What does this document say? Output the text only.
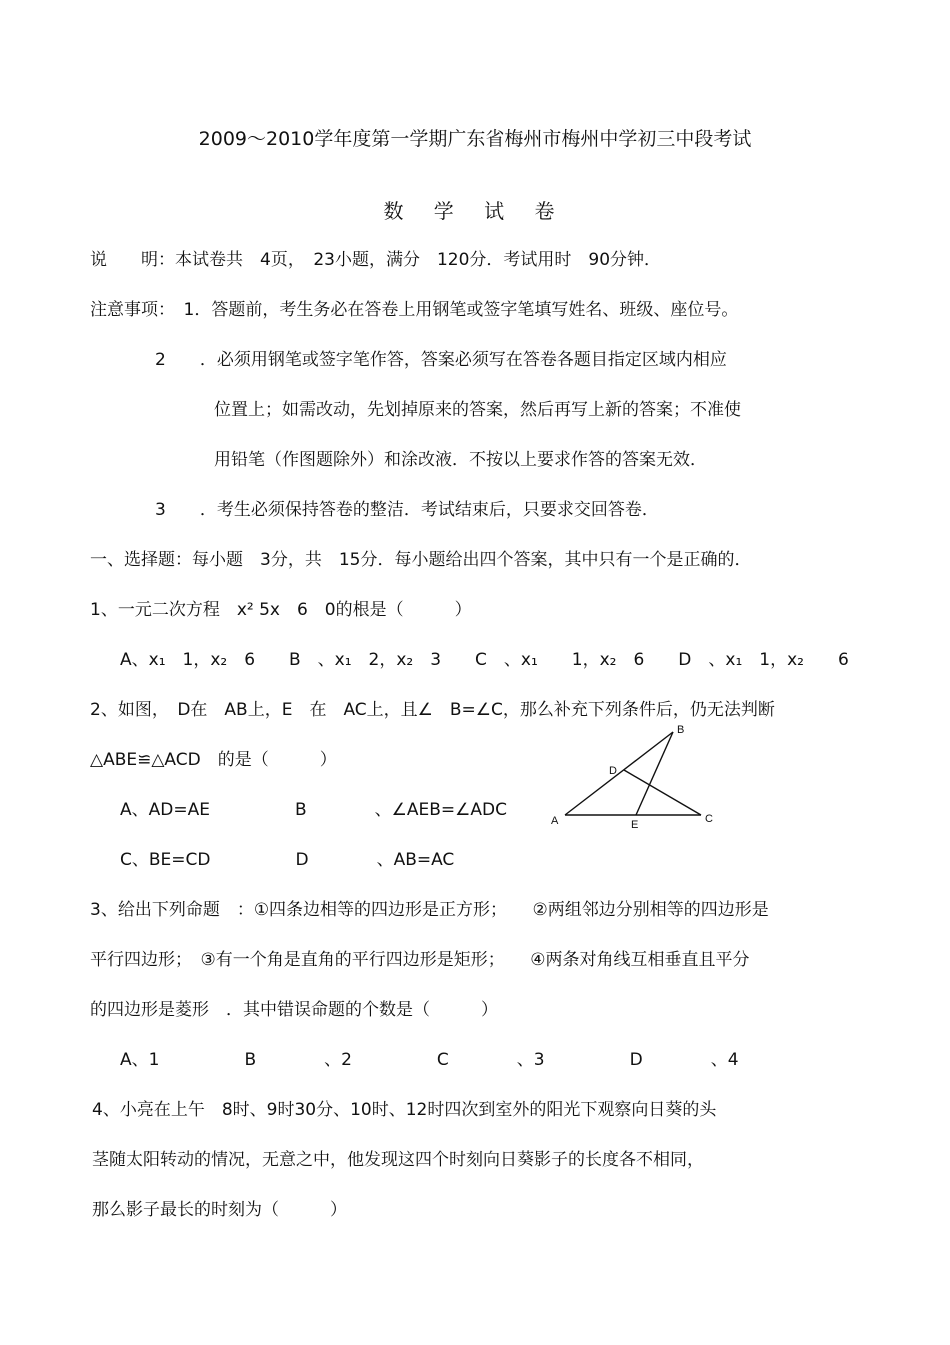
2009～2010学年度第一学期广东省梅州市梅州中学初三中段考试
数 学 试 卷
说　　明：本试卷共　4页，　23小题，满分　120分．考试用时　90分钟．
注意事项：　1．答题前，考生务必在答卷上用钢笔或签字笔填写姓名、班级、座位号。
2　　．必须用钢笔或签字笔作答，答案必须写在答卷各题目指定区域内相应
位置上；如需改动，先划掉原来的答案，然后再写上新的答案；不准使
用铅笔（作图题除外）和涂改液．不按以上要求作答的答案无效．
3　　．考生必须保持答卷的整洁．考试结束后，只要求交回答卷．
一、选择题：每小题　3分，共　15分．每小题给出四个答案，其中只有一个是正确的．
1、一元二次方程　x² 5x　6　0的根是（　　　）
A、x₁　1，x₂　6　　B　、x₁　2，x₂　3　　C　、x₁　　1，x₂　6　　D　、x₁　1，x₂　　6
2、如图，　D在　AB上，E　在　AC上，且∠　B=∠C，那么补充下列条件后，仍无法判断
△ABE≌△ACD　的是（　　　）
A、AD=AE　　　　　B　　　　、∠AEB=∠ADC
C、BE=CD　　　　　D　　　　、AB=AC
A
B
C
D
E
3、给出下列命题　：①四条边相等的四边形是正方形；　　②两组邻边分别相等的四边形是
平行四边形；　③有一个角是直角的平行四边形是矩形；　　④两条对角线互相垂直且平分
的四边形是菱形　．其中错误命题的个数是（　　　）
A、1　　　　　B　　　　、2　　　　　C　　　　、3　　　　　D　　　　、4
4、小亮在上午　8时、9时30分、10时、12时四次到室外的阳光下观察向日葵的头
茎随太阳转动的情况，无意之中，他发现这四个时刻向日葵影子的长度各不相同，
那么影子最长的时刻为（　　　）
